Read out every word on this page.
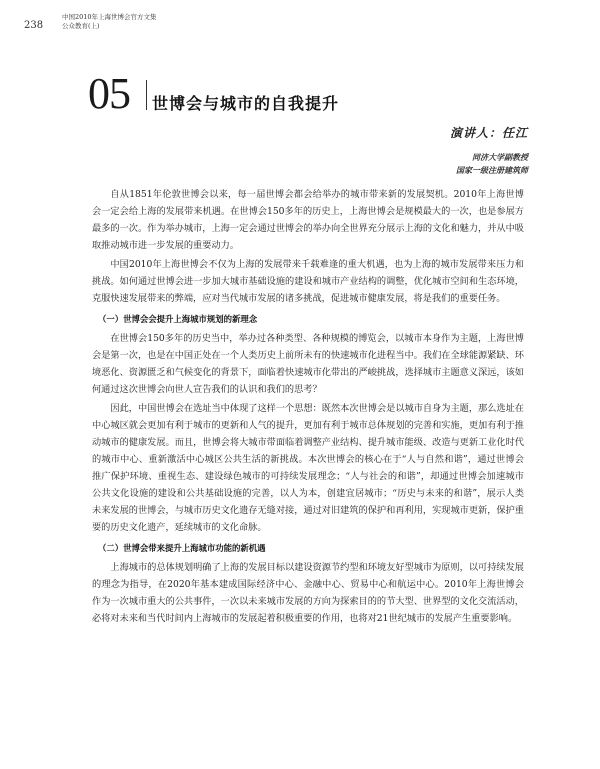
238
中国2010年上海世博会官方文集
公众教育(上)
05 世博会与城市的自我提升
演讲人：任江
同济大学副教授
国家一级注册建筑师

自从1851年伦敦世博会以来，每一届世博会都会给举办的城市带来新的发展契机。2010年上海世博会一定会给上海的发展带来机遇。在世博会150多年的历史上，上海世博会是规模最大的一次，也是参展方最多的一次。作为举办城市，上海一定会通过世博会的举办向全世界充分展示上海的文化和魅力，并从中吸取推动城市进一步发展的重要动力。

中国2010年上海世博会不仅为上海的发展带来千载难逢的重大机遇，也为上海的城市发展带来压力和挑战。如何通过世博会进一步加大城市基础设施的建设和城市产业结构的调整，优化城市空间和生态环境，克服快速发展带来的弊端，应对当代城市发展的诸多挑战，促进城市健康发展，将是我们的重要任务。

（一）世博会会提升上海城市规划的新理念

在世博会150多年的历史当中，举办过各种类型、各种规模的博览会，以城市本身作为主题，上海世博会是第一次，也是在中国正处在一个人类历史上前所未有的快速城市化进程当中。我们在全球能源紧缺、环境恶化、资源匮乏和气候变化的背景下，面临着快速城市化带出的严峻挑战，选择城市主题意义深远，该如何通过这次世博会向世人宣告我们的认识和我们的思考？

因此，中国世博会在选址当中体现了这样一个思想：既然本次世博会是以城市自身为主题，那么选址在中心城区就会更加有利于城市的更新和人气的提升，更加有利于城市总体规划的完善和实施，更加有利于推动城市的健康发展。而且，世博会将大城市带面临着调整产业结构、提升城市能级、改造与更新工业化时代的城市中心、重新激活中心城区公共生活的新挑战。本次世博会的核心在于“人与自然和谐”，通过世博会推广保护环境、重视生态、建设绿色城市的可持续发展理念；“人与社会的和谐”，却通过世博会加速城市公共文化设施的建设和公共基础设施的完善，以人为本，创建宜居城市；“历史与未来的和谐”，展示人类未来发展的世博会，与城市历史文化遗存无缝对接，通过对旧建筑的保护和再利用，实现城市更新，保护重要的历史文化遗产，延续城市的文化命脉。

（二）世博会带来提升上海城市功能的新机遇

上海城市的总体规划明确了上海的发展目标以建设资源节约型和环境友好型城市为原则，以可持续发展的理念为指导，在2020年基本建成国际经济中心、金融中心、贸易中心和航运中心。2010年上海世博会作为一次城市重大的公共事件，一次以未来城市发展的方向为探索目的的节大型、世界型的文化交流活动，必将对未来和当代时间内上海城市的发展起着积极重要的作用，也将对21世纪城市的发展产生重要影响。
